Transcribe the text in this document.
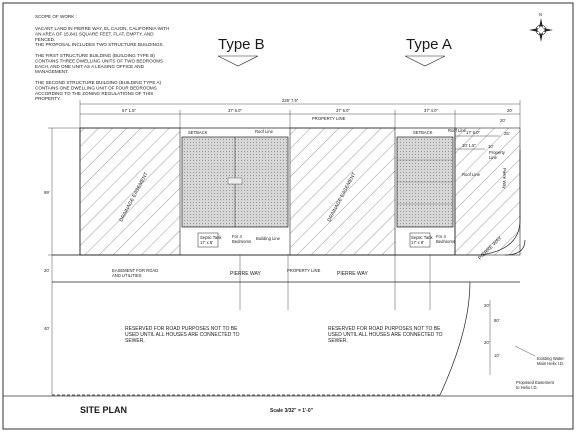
SCOPE OF WORK :
VACANT LAND IN PIERRE WAY, EL CAJON, CALIFORNIA WITH AN AREA OF 15,841 SQUARE FEET, FLAT, EMPTY, AND FENCED. THE PROPOSAL INCLUDES TWO STRUCTURE BUILDINGS. THE FIRST STRUCTURE BUILDING (BUILDING TYPE B) CONTAINS THREE DWELLING UNITS OF TWO BEDROOMS EACH, AND ONE UNIT AS A LEASING OFFICE AND MANAGEMENT. THE SECOND STRUCTURE BUILDING (BUILDING TYPE A) CONTAINS ONE DWELLING UNIT OF FOUR BEDROOMS ACCORDING TO THE ZONING REGULATIONS OF THIS PROPERTY.
Type B	Type A
N
229' 7.5"
57' 1.5"	37' 6.0"	37' 6.0"	37' 4.0"	20'
PROPERTY LINE
99'
20'
40'
DRAINAGE EASEMENT	DRAINAGE EASEMENT
SETBACK	Roof Line
Building Line
SETBACK	Roof Line
Roof Line
17' 6.0"
10' 1.5"
20'
25'
10'
Property Line
Pierre Way
Septic Tank 17' x 8'
For 4 Bedrooms
Septic Tank 17' x 8'
For 4 Bedrooms
PROPERTY LINE
PIERRE WAY	PIERRE WAY
PIERRE WAY
EASEMENT FOR ROAD AND UTILITIES
RESERVED FOR ROAD PURPOSES NOT TO BE USED UNTIL ALL HOUSES ARE CONNECTED TO SEWER.
RESERVED FOR ROAD PURPOSES NOT TO BE USED UNTIL ALL HOUSES ARE CONNECTED TO SEWER.
20'
90'
10'
20'
Existing Water Main Helix I.D.
Proposed Easement to Helix I.D.
SITE PLAN	Scale 3/32" = 1'-0"
